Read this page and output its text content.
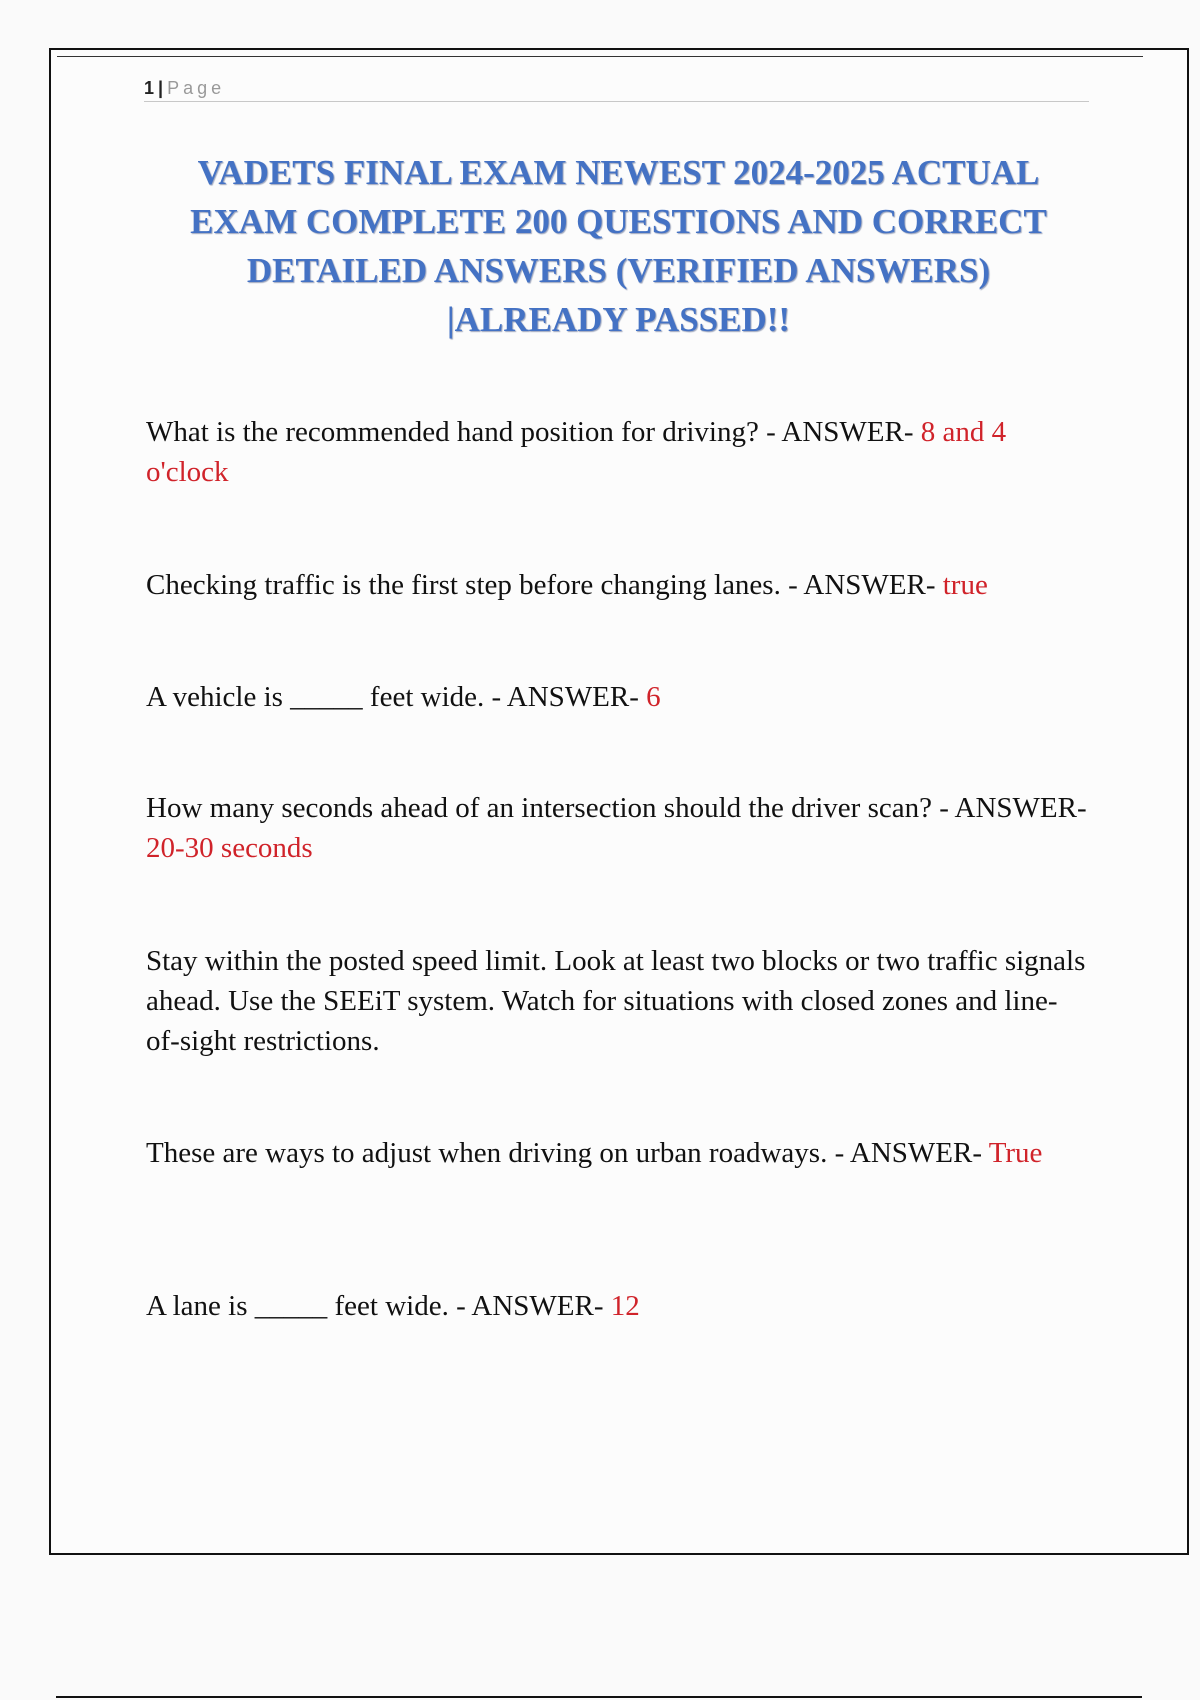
1 | Page
VADETS FINAL EXAM NEWEST 2024-2025 ACTUAL EXAM COMPLETE 200 QUESTIONS AND CORRECT DETAILED ANSWERS (VERIFIED ANSWERS) |ALREADY PASSED!!
What is the recommended hand position for driving? - ANSWER- 8 and 4 o'clock
Checking traffic is the first step before changing lanes. - ANSWER- true
A vehicle is _____ feet wide. - ANSWER- 6
How many seconds ahead of an intersection should the driver scan? - ANSWER- 20-30 seconds
Stay within the posted speed limit. Look at least two blocks or two traffic signals ahead. Use the SEEiT system. Watch for situations with closed zones and line-of-sight restrictions.
These are ways to adjust when driving on urban roadways. - ANSWER- True
A lane is _____ feet wide. - ANSWER- 12
